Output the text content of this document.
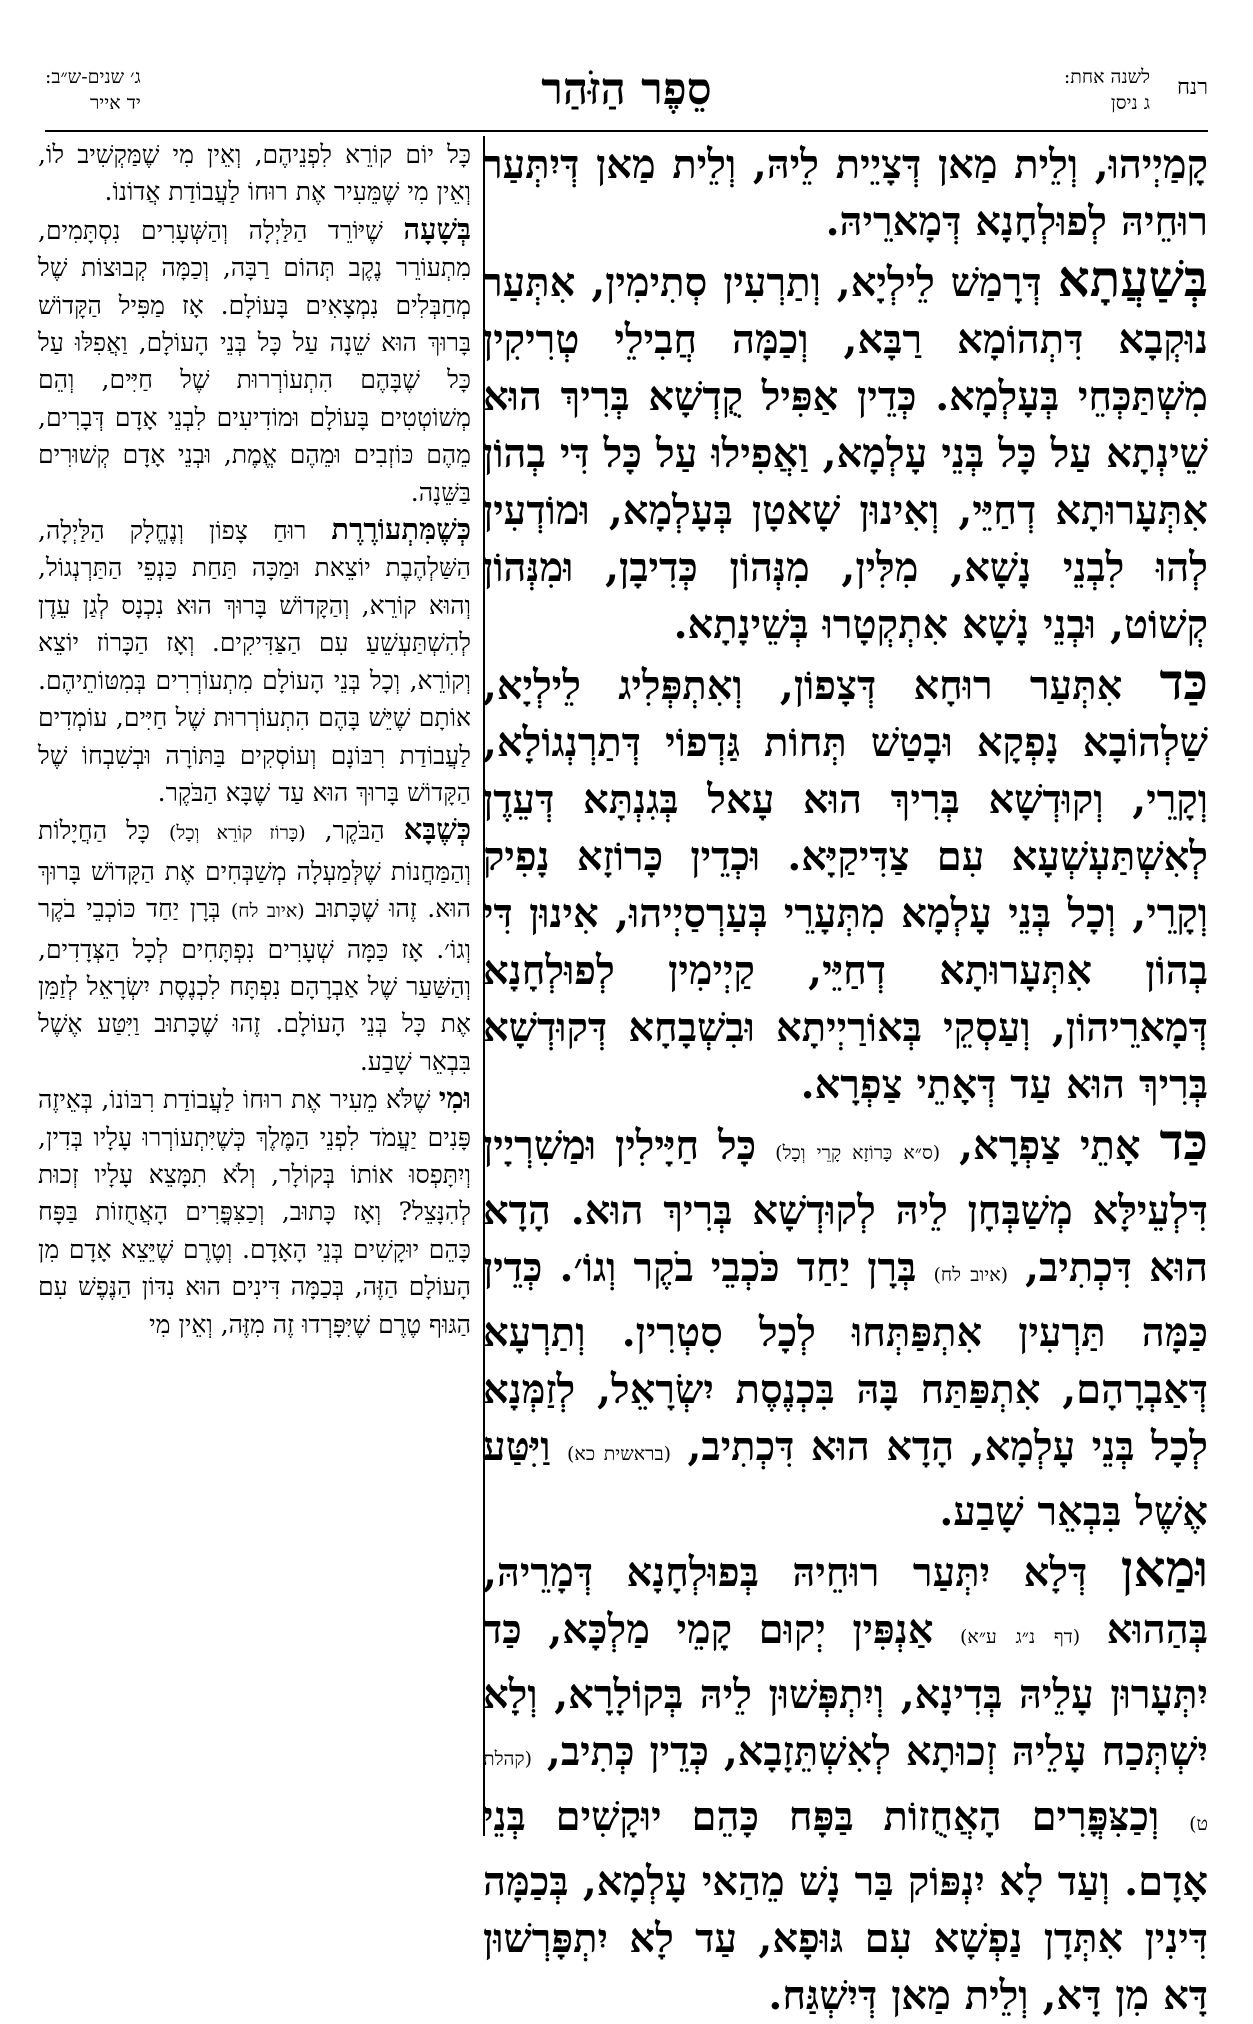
רנח
לשנה אחת:
ג ניסן
סֵפֶר הַזֹּהַר
ג׳ שנים-ש״ב:
יד אייר

קָמַיְיהוּ, וְלֵית מַאן דְּצָיֵית לֵיהּ, וְלֵית מַאן דְּיִתְּעַר רוּחֵיהּ לְפוּלְחָנָא דְּמָארֵיהּ.

בְּשַׁעֲתָא דְּרָמַשׁ לֵילְיָא, וְתַרְעִין סְתִימִין, אִתְּעַר נוּקְבָא דִּתְהוֹמָא רַבָּא, וְכַמָּה חֲבִילֵי טְרִיקִין מִשְׁתַּכְּחֵי בְּעָלְמָא. כְּדֵין אַפִּיל קֻדְשָׁא בְּרִיךְ הוּא שֵׁינְתָא עַל כָּל בְּנֵי עָלְמָא, וַאֲפִילוּ עַל כָּל דִּי בְהוֹן אִתְּעָרוּתָא דְחַיֵּי, וְאִינוּן שָׁאטָן בְּעָלְמָא, וּמוֹדְעִין לְהוּ לִבְנֵי נָשָׁא, מִלִּין, מִנְּהוֹן כְּדִיבָן, וּמִנְּהוֹן קְשׁוֹט, וּבְנֵי נָשָׁא אִתְקְטָרוּ בְּשֵׁינָתָא.

כַּד אִתְּעַר רוּחָא דְּצָפוֹן, וְאִתְפְּלִיג לֵילְיָא, שַׁלְהוֹבָא נָפְקָא וּבָטַשׁ תְּחוֹת גַּדְפוֹי דְּתַרְנְגוֹלָא, וְקָרֵי, וְקוּדְשָׁא בְּרִיךְ הוּא עָאל בְּגִנְתָּא דְּעֵדֶן לְאִשְׁתַּעְשְׁעָא עִם צַדִּיקַיָּא. וּכְדֵין כָּרוֹזָא נָפִיק וְקָרֵי, וְכָל בְּנֵי עָלְמָא מִתְּעָרֵי בְּעַרְסַיְיהוּ, אִינוּן דִּי בְהוֹן אִתְּעָרוּתָא דְחַיֵּי, קַיְימִין לְפוּלְחָנָא דְּמָארֵיהוֹן, וְעַסְקֵי בְּאוֹרַיְיתָא וּבִשְׁבָחָא דְּקוּדְשָׁא בְּרִיךְ הוּא עַד דְּאָתֵי צַפְרָא.

כַּד אָתֵי צַפְרָא, (ס״א כָּרוֹזָא קָרֵי וְכָל) כָּל חַיָּילִין וּמַשִׁרְיָין דִּלְעֵילָּא מְשַׁבְּחָן לֵיהּ לְקוּדְשָׁא בְּרִיךְ הוּא. הָדָא הוּא דִּכְתִיב, (איוב לח) בְּרָן יַחַד כֹּכְבֵי בֹקֶר וְגוֹ׳. כְּדֵין כַּמָּה תַּרְעִין אִתְפַּתְּחוּ לְכָל סִטְרִין. וְתַרְעָא דְּאַבְרָהָם, אִתְפַּתַּח בָּהּ בִּכְנֶסֶת יִשְׂרָאֵל, לְזַמְּנָא לְכָל בְּנֵי עָלְמָא, הָדָא הוּא דִּכְתִיב, (בראשית כא) וַיִּטַּע אֶשֶׁל בִּבְאֵר שָׁבַע.

וּמַאן דְּלָא יִתְּעַר רוּחֵיהּ בְּפוּלְחָנָא דְּמָרֵיהּ, בְּהַהוּא (דף נ״ג ע״א) אַנְפִּין יְקוּם קָמֵי מַלְכָּא, כַּד יִתְּעָרוּן עָלֵיהּ בְּדִינָא, וְיִתְפְּשׁוּן לֵיהּ בְּקוֹלָרָא, וְלָא יִשְׁתְּכַח עָלֵיהּ זְכוּתָא לְאִשְׁתֵּזָבָא, כְּדֵין כְּתִיב, (קהלת ט) וְכַצִּפֳּרִים הָאֲחֻזוֹת בַּפָּח כָּהֵם יוּקָשִׁים בְּנֵי אָדָם. וְעַד לָא יִנְפּוֹק בַּר נָשׁ מֵהַאי עָלְמָא, בְּכַמָּה דִּינִין אִתְּדָן נַפְשָׁא עִם גּוּפָא, עַד לָא יִתְפָּרְשׁוּן דָּא מִן דָּא, וְלֵית מַאן דְּיִשְׁגַּח.

כָּל יוֹם קוֹרֵא לִפְנֵיהֶם, וְאֵין מִי שֶׁמַּקְשִׁיב לוֹ, וְאֵין מִי שֶׁמֵּעִיר אֶת רוּחוֹ לַעֲבוֹדַת אֲדוֹנוֹ.

בְּשָׁעָה שֶׁיּוֹרֵד הַלַּיְלָה וְהַשְּׁעָרִים נִסְתָּמִים, מִתְעוֹרֵר נֶקֶב תְּהוֹם רַבָּה, וְכַמָּה קְבוּצוֹת שֶׁל מְחַבְּלִים נִמְצָאִים בָּעוֹלָם. אָז מַפִּיל הַקָּדוֹשׁ בָּרוּךְ הוּא שֵׁנָה עַל כָּל בְּנֵי הָעוֹלָם, וַאֲפִלּוּ עַל כָּל שֶׁבָּהֶם הִתְעוֹרְרוּת שֶׁל חַיִּים, וְהֵם מְשׁוֹטְטִים בָּעוֹלָם וּמוֹדִיעִים לִבְנֵי אָדָם דְּבָרִים, מֵהֶם כּוֹזְבִים וּמֵהֶם אֱמֶת, וּבְנֵי אָדָם קְשׁוּרִים בַּשֵּׁנָה.

כְּשֶׁמִּתְעוֹרֶרֶת רוּחַ צָפוֹן וְנֶחֱלָק הַלַּיְלָה, הַשַּׁלְהֶבֶת יוֹצֵאת וּמַכָּה תַּחַת כַּנְפֵי הַתַּרְנְגוֹל, וְהוּא קוֹרֵא, וְהַקָּדוֹשׁ בָּרוּךְ הוּא נִכְנָס לְגַן עֵדֶן לְהִשְׁתַּעְשֵׁעַ עִם הַצַּדִּיקִים. וְאָז הַכָּרוֹז יוֹצֵא וְקוֹרֵא, וְכָל בְּנֵי הָעוֹלָם מִתְעוֹרְרִים בְּמִטּוֹתֵיהֶם. אוֹתָם שֶׁיֵּשׁ בָּהֶם הִתְעוֹרְרוּת שֶׁל חַיִּים, עוֹמְדִים לַעֲבוֹדַת רִבּוֹנָם וְעוֹסְקִים בַּתּוֹרָה וּבְשִׁבְחוֹ שֶׁל הַקָּדוֹשׁ בָּרוּךְ הוּא עַד שֶׁבָּא הַבֹּקֶר.

כְּשֶׁבָּא הַבֹּקֶר, (כָּרוֹז קוֹרֵא וְכָל) כָּל הַחֲיָלוֹת וְהַמַּחֲנוֹת שֶׁלְּמַעְלָה מְשַׁבְּחִים אֶת הַקָּדוֹשׁ בָּרוּךְ הוּא. זֶהוּ שֶׁכָּתוּב (איוב לח) בְּרָן יַחַד כּוֹכְבֵי בֹקֶר וְגוֹ׳. אָז כַּמָּה שְׁעָרִים נִפְתָּחִים לְכָל הַצְּדָדִים, וְהַשַּׁעַר שֶׁל אַבְרָהָם נִפְתָּח לִכְנֶסֶת יִשְׂרָאֵל לְזַמֵּן אֶת כָּל בְּנֵי הָעוֹלָם. זֶהוּ שֶׁכָּתוּב וַיִּטַּע אֶשֶׁל בִּבְאֵר שָׁבַע.

וּמִי שֶׁלֹּא מֵעִיר אֶת רוּחוֹ לַעֲבוֹדַת רִבּוֹנוֹ, בְּאֵיזֶה פָּנִים יַעֲמֹד לִפְנֵי הַמֶּלֶךְ כְּשֶׁיִּתְעוֹרְרוּ עָלָיו בְּדִין, וְיִתָּפְסוּ אוֹתוֹ בְּקוֹלָר, וְלֹא תִמָּצֵא עָלָיו זְכוּת לְהִנָּצֵל? וְאָז כָּתוּב, וְכַצִּפֳּרִים הָאֲחֻזוֹת בַּפָּח כָּהֵם יוּקָשִׁים בְּנֵי הָאָדָם. וְטֶרֶם שֶׁיֵּצֵא אָדָם מִן הָעוֹלָם הַזֶּה, בְּכַמָּה דִּינִים הוּא נִדּוֹן הַנֶּפֶשׁ עִם הַגּוּף טֶרֶם שֶׁיִּפָּרְדוּ זֶה מִזֶּה, וְאֵין מִי
